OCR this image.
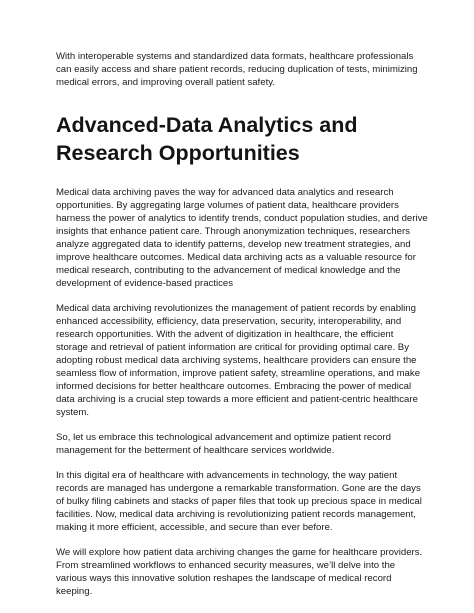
With interoperable systems and standardized data formats, healthcare professionals can easily access and share patient records, reducing duplication of tests, minimizing medical errors, and improving overall patient safety.

Advanced-Data Analytics and Research Opportunities

Medical data archiving paves the way for advanced data analytics and research opportunities. By aggregating large volumes of patient data, healthcare providers harness the power of analytics to identify trends, conduct population studies, and derive insights that enhance patient care. Through anonymization techniques, researchers analyze aggregated data to identify patterns, develop new treatment strategies, and improve healthcare outcomes. Medical data archiving acts as a valuable resource for medical research, contributing to the advancement of medical knowledge and the development of evidence-based practices

Medical data archiving revolutionizes the management of patient records by enabling enhanced accessibility, efficiency, data preservation, security, interoperability, and research opportunities. With the advent of digitization in healthcare, the efficient storage and retrieval of patient information are critical for providing optimal care. By adopting robust medical data archiving systems, healthcare providers can ensure the seamless flow of information, improve patient safety, streamline operations, and make informed decisions for better healthcare outcomes. Embracing the power of medical data archiving is a crucial step towards a more efficient and patient-centric healthcare system.

So, let us embrace this technological advancement and optimize patient record management for the betterment of healthcare services worldwide.

In this digital era of healthcare with advancements in technology, the way patient records are managed has undergone a remarkable transformation. Gone are the days of bulky filing cabinets and stacks of paper files that took up precious space in medical facilities. Now, medical data archiving is revolutionizing patient records management, making it more efficient, accessible, and secure than ever before.

We will explore how patient data archiving changes the game for healthcare providers. From streamlined workflows to enhanced security measures, we’ll delve into the various ways this innovative solution reshapes the landscape of medical record keeping.
